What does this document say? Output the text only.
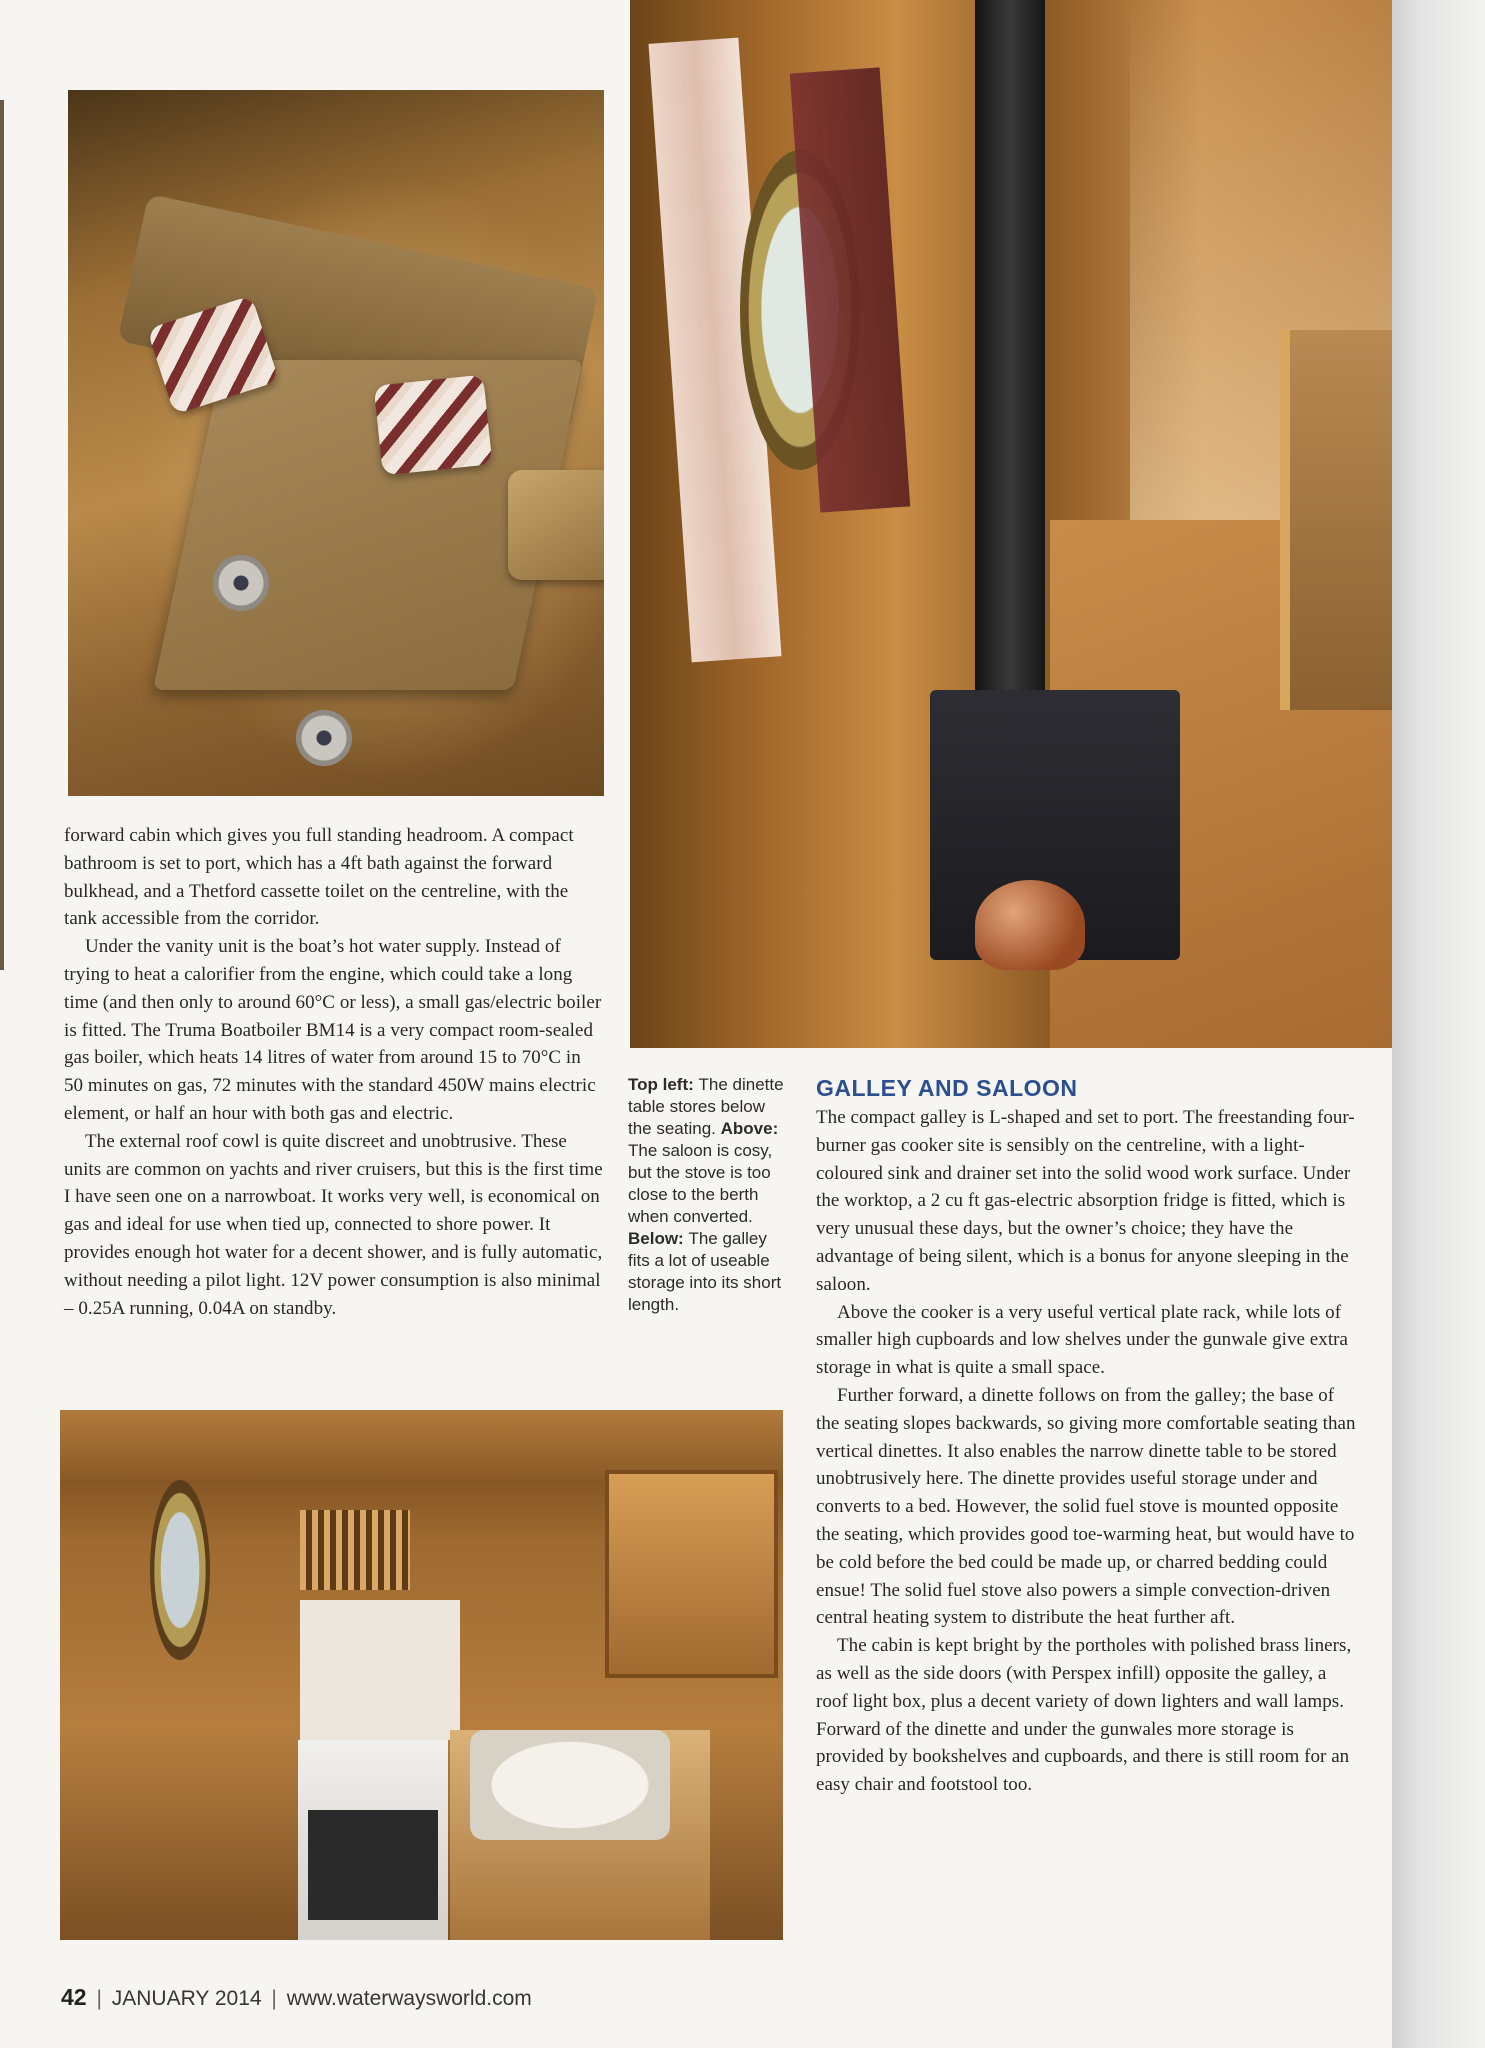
forward cabin which gives you full standing headroom. A compact bathroom is set to port, which has a 4ft bath against the forward bulkhead, and a Thetford cassette toilet on the centreline, with the tank accessible from the corridor.

Under the vanity unit is the boat’s hot water supply. Instead of trying to heat a calorifier from the engine, which could take a long time (and then only to around 60°C or less), a small gas/electric boiler is fitted. The Truma Boatboiler BM14 is a very compact room-sealed gas boiler, which heats 14 litres of water from around 15 to 70°C in 50 minutes on gas, 72 minutes with the standard 450W mains electric element, or half an hour with both gas and electric.

The external roof cowl is quite discreet and unobtrusive. These units are common on yachts and river cruisers, but this is the first time I have seen one on a narrowboat. It works very well, is economical on gas and ideal for use when tied up, connected to shore power. It provides enough hot water for a decent shower, and is fully automatic, without needing a pilot light. 12V power consumption is also minimal – 0.25A running, 0.04A on standby.

Top left: The dinette table stores below the seating. Above: The saloon is cosy, but the stove is too close to the berth when converted. Below: The galley fits a lot of useable storage into its short length.
GALLEY AND SALOON

The compact galley is L-shaped and set to port. The freestanding four-burner gas cooker site is sensibly on the centreline, with a light-coloured sink and drainer set into the solid wood work surface. Under the worktop, a 2 cu ft gas-electric absorption fridge is fitted, which is very unusual these days, but the owner’s choice; they have the advantage of being silent, which is a bonus for anyone sleeping in the saloon.

Above the cooker is a very useful vertical plate rack, while lots of smaller high cupboards and low shelves under the gunwale give extra storage in what is quite a small space.

Further forward, a dinette follows on from the galley; the base of the seating slopes backwards, so giving more comfortable seating than vertical dinettes. It also enables the narrow dinette table to be stored unobtrusively here. The dinette provides useful storage under and converts to a bed. However, the solid fuel stove is mounted opposite the seating, which provides good toe-warming heat, but would have to be cold before the bed could be made up, or charred bedding could ensue! The solid fuel stove also powers a simple convection-driven central heating system to distribute the heat further aft.

The cabin is kept bright by the portholes with polished brass liners, as well as the side doors (with Perspex infill) opposite the galley, a roof light box, plus a decent variety of down lighters and wall lamps. Forward of the dinette and under the gunwales more storage is provided by bookshelves and cupboards, and there is still room for an easy chair and footstool too.

42 | JANUARY 2014 | www.waterwaysworld.com
